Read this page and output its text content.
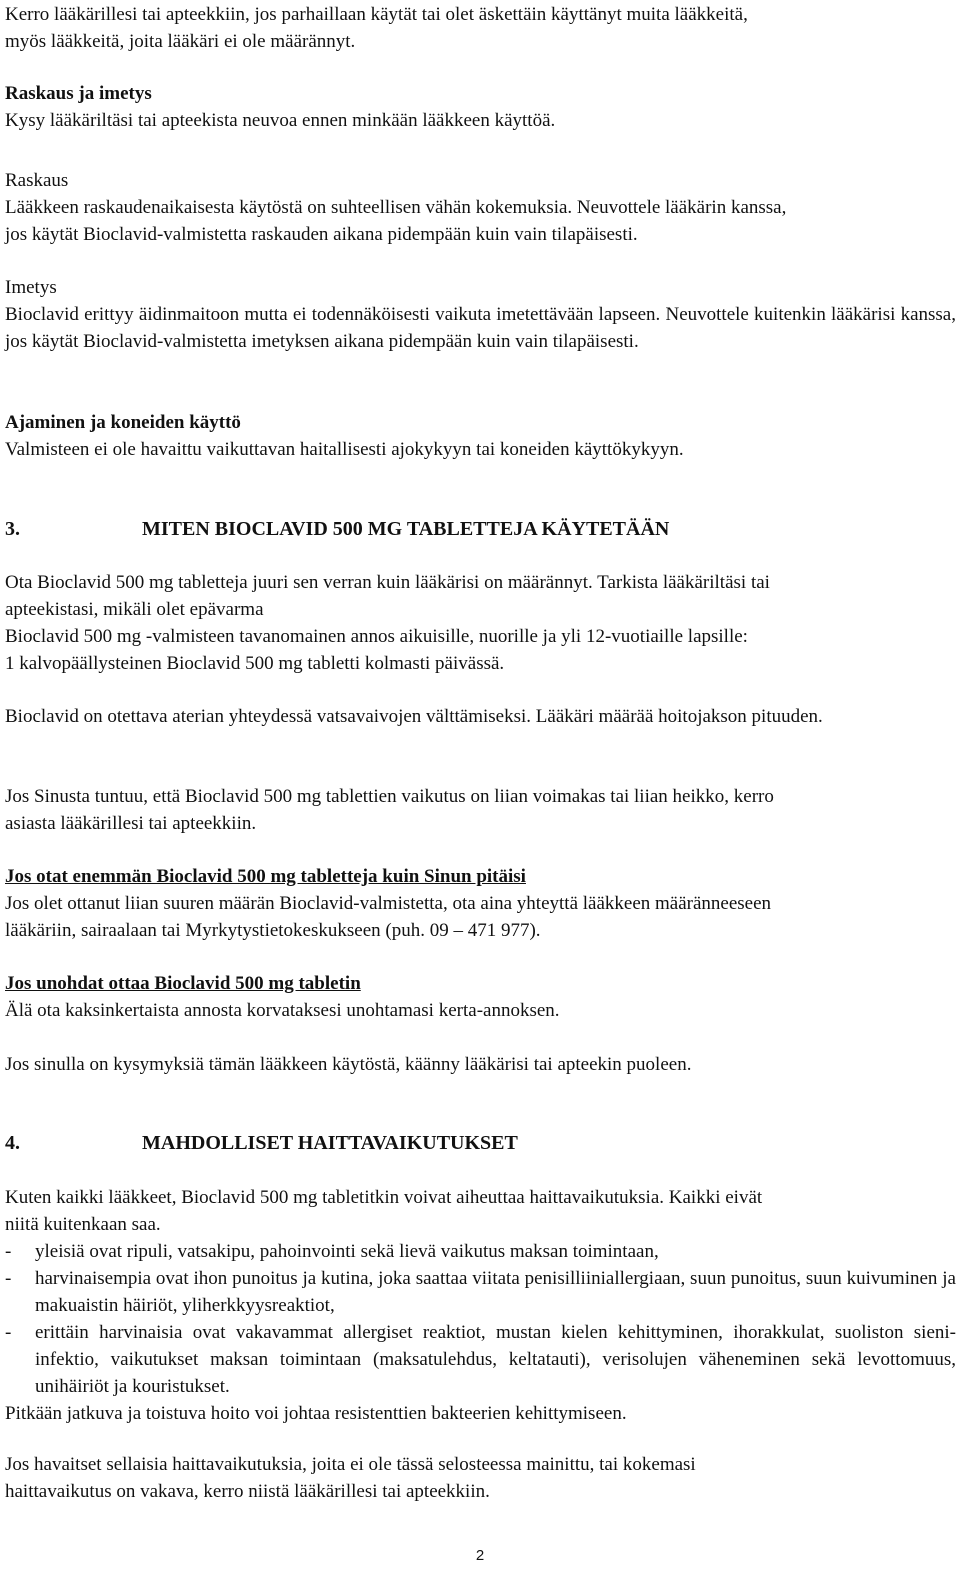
Kerro lääkärillesi tai apteekkiin, jos parhaillaan käytät tai olet äskettäin käyttänyt muita lääkkeitä,
myös lääkkeitä, joita lääkäri ei ole määrännyt.
Raskaus ja imetys
Kysy lääkäriltäsi tai apteekista neuvoa ennen minkään lääkkeen käyttöä.
Raskaus
Lääkkeen raskaudenaikaisesta käytöstä on suhteellisen vähän kokemuksia. Neuvottele lääkärin kanssa,
jos käytät Bioclavid-valmistetta raskauden aikana pidempään kuin vain tilapäisesti.
Imetys
Bioclavid erittyy äidinmaitoon mutta ei todennäköisesti vaikuta imetettävään lapseen. Neuvottele kuitenkin lääkärisi kanssa, jos käytät Bioclavid-valmistetta imetyksen aikana pidempään kuin vain tilapäisesti.
Ajaminen ja koneiden käyttö
Valmisteen ei ole havaittu vaikuttavan haitallisesti ajokykyyn tai koneiden käyttökykyyn.
3.	MITEN BIOCLAVID 500 MG TABLETTEJA KÄYTETÄÄN
Ota Bioclavid 500 mg tabletteja juuri sen verran kuin lääkärisi on määrännyt. Tarkista lääkäriltäsi tai
apteekistasi, mikäli olet epävarma
Bioclavid 500 mg -valmisteen tavanomainen annos aikuisille, nuorille ja yli 12-vuotiaille lapsille:
1 kalvopäällysteinen Bioclavid 500 mg tabletti kolmasti päivässä.
Bioclavid on otettava aterian yhteydessä vatsavaivojen välttämiseksi. Lääkäri määrää hoitojakson pituuden.
Jos Sinusta tuntuu, että Bioclavid 500 mg tablettien vaikutus on liian voimakas tai liian heikko, kerro
asiasta lääkärillesi tai apteekkiin.
Jos otat enemmän Bioclavid 500 mg tabletteja kuin Sinun pitäisi
Jos olet ottanut liian suuren määrän Bioclavid-valmistetta, ota aina yhteyttä lääkkeen määränneeseen
lääkäriin, sairaalaan tai Myrkytystietokeskukseen (puh. 09 – 471 977).
Jos unohdat ottaa Bioclavid 500 mg tabletin
Älä ota kaksinkertaista annosta korvataksesi unohtamasi kerta-annoksen.
Jos sinulla on kysymyksiä tämän lääkkeen käytöstä, käänny lääkärisi tai apteekin puoleen.
4.	MAHDOLLISET HAITTAVAIKUTUKSET
Kuten kaikki lääkkeet, Bioclavid 500 mg tabletitkin voivat aiheuttaa haittavaikutuksia. Kaikki eivät
niitä kuitenkaan saa.
- yleisiä ovat ripuli, vatsakipu, pahoinvointi sekä lievä vaikutus maksan toimintaan,
- harvinaisempia ovat ihon punoitus ja kutina, joka saattaa viitata penisilliiniallergiaan, suun punoitus, suun kuivuminen ja makuaistin häiriöt, yliherkkyysreaktiot,
- erittäin harvinaisia ovat vakavammat allergiset reaktiot, mustan kielen kehittyminen, ihorakkulat, suoliston sieni-infektio, vaikutukset maksan toimintaan (maksatulehdus, keltatauti), verisolujen väheneminen sekä levottomuus, unihäiriöt ja kouristukset.
Pitkään jatkuva ja toistuva hoito voi johtaa resistenttien bakteerien kehittymiseen.
Jos havaitset sellaisia haittavaikutuksia, joita ei ole tässä selosteessa mainittu, tai kokemasi
haittavaikutus on vakava, kerro niistä lääkärillesi tai apteekkiin.
2
